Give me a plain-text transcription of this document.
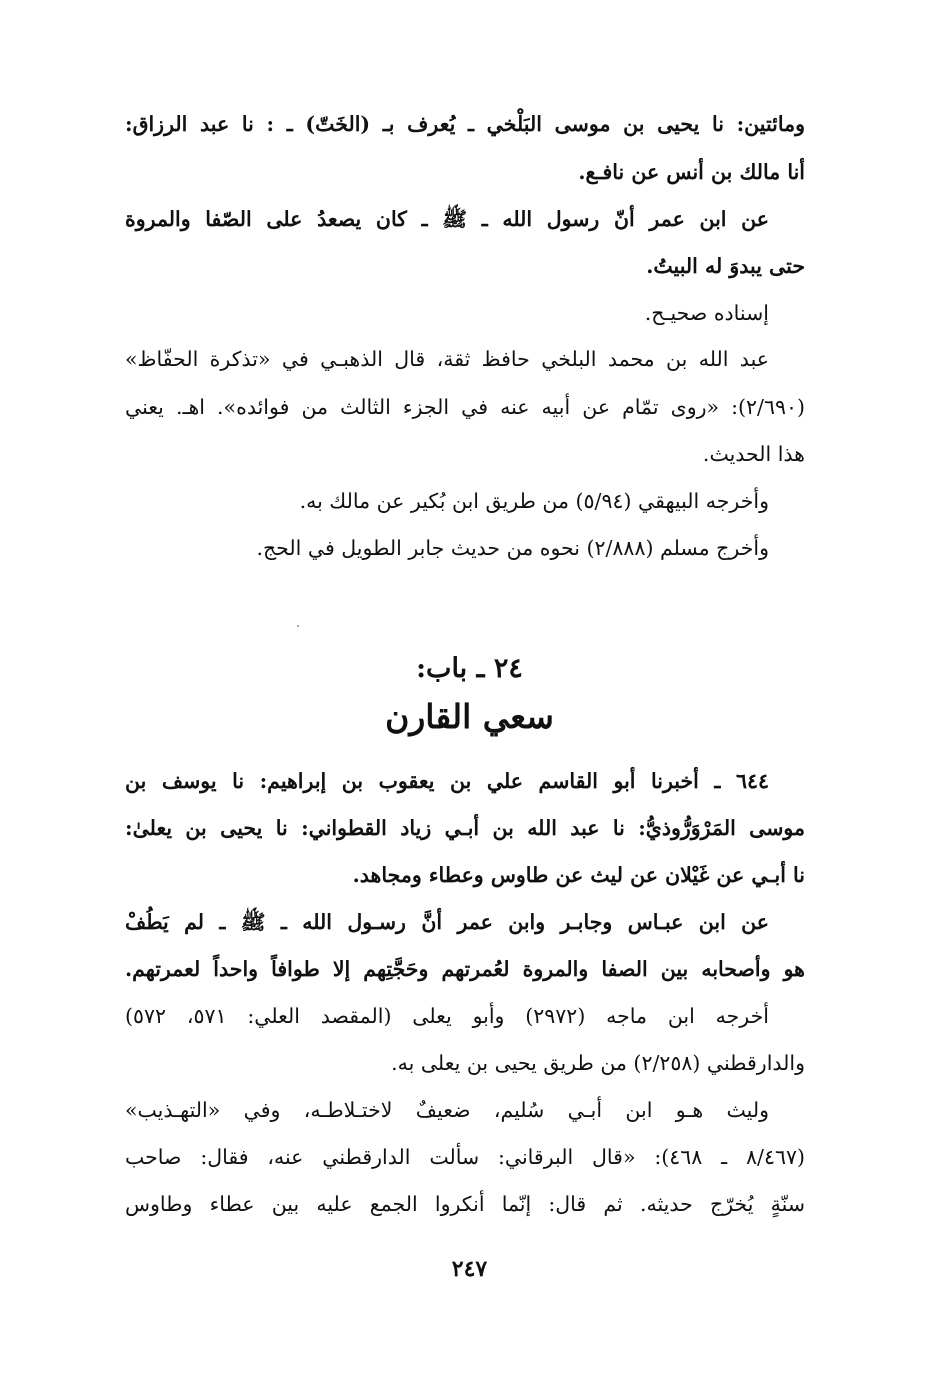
ومائتين: نا يحيى بن موسى البَلْخي ـ يُعرف بـ (الخَتّ) ـ : نا عبد الرزاق:
أنا مالك بن أنس عن نافـع.
عن ابن عمر أنّ رسول الله ـ ﷺ ـ كان يصعدُ على الصّفا والمروة
حتى يبدوَ له البيتُ.
إسناده صحيـح.
عبد الله بن محمد البلخي حافظ ثقة، قال الذهبـي في «تذكرة الحفّاظ»
(٢/٦٩٠): «روى تمّام عن أبيه عنه في الجزء الثالث من فوائده». اهـ. يعني
هذا الحديث.
وأخرجه البيهقي (٥/٩٤) من طريق ابن بُكير عن مالك به.
وأخرج مسلم (٢/٨٨٨) نحوه من حديث جابر الطويل في الحج.
٢٤ ـ باب:
سعي القارن
٦٤٤ ـ أخبرنا أبو القاسم علي بن يعقوب بن إبراهيم: نا يوسف بن
موسى المَرْوَرُّوذيُّ: نا عبد الله بن أبـي زياد القطواني: نا يحيى بن يعلىٰ:
نا أبـي عن غَيْلان عن ليث عن طاوس وعطاء ومجاهد.
عن ابن عبـاس وجابـر وابن عمر أنَّ رسـول الله ـ ﷺ ـ لم يَطُفْ
هو وأصحابه بين الصفا والمروة لعُمرتهم وحَجَّتِهم إلا طوافاً واحداً لعمرتهم.
أخرجه ابن ماجه (٢٩٧٢) وأبو يعلى (المقصد العلي: ٥٧١، ٥٧٢)
والدارقطني (٢/٢٥٨) من طريق يحيى بن يعلى به.
وليث هـو ابن أبـي سُليم، ضعيفٌ لاختـلاطـه، وفي «التهـذيب»
(٨/٤٦٧ ـ ٤٦٨): «قال البرقاني: سألت الدارقطني عنه، فقال: صاحب
سنّةٍ يُخرّج حديثه. ثم قال: إنّما أنكروا الجمع عليه بين عطاء وطاوس
٢٤٧
